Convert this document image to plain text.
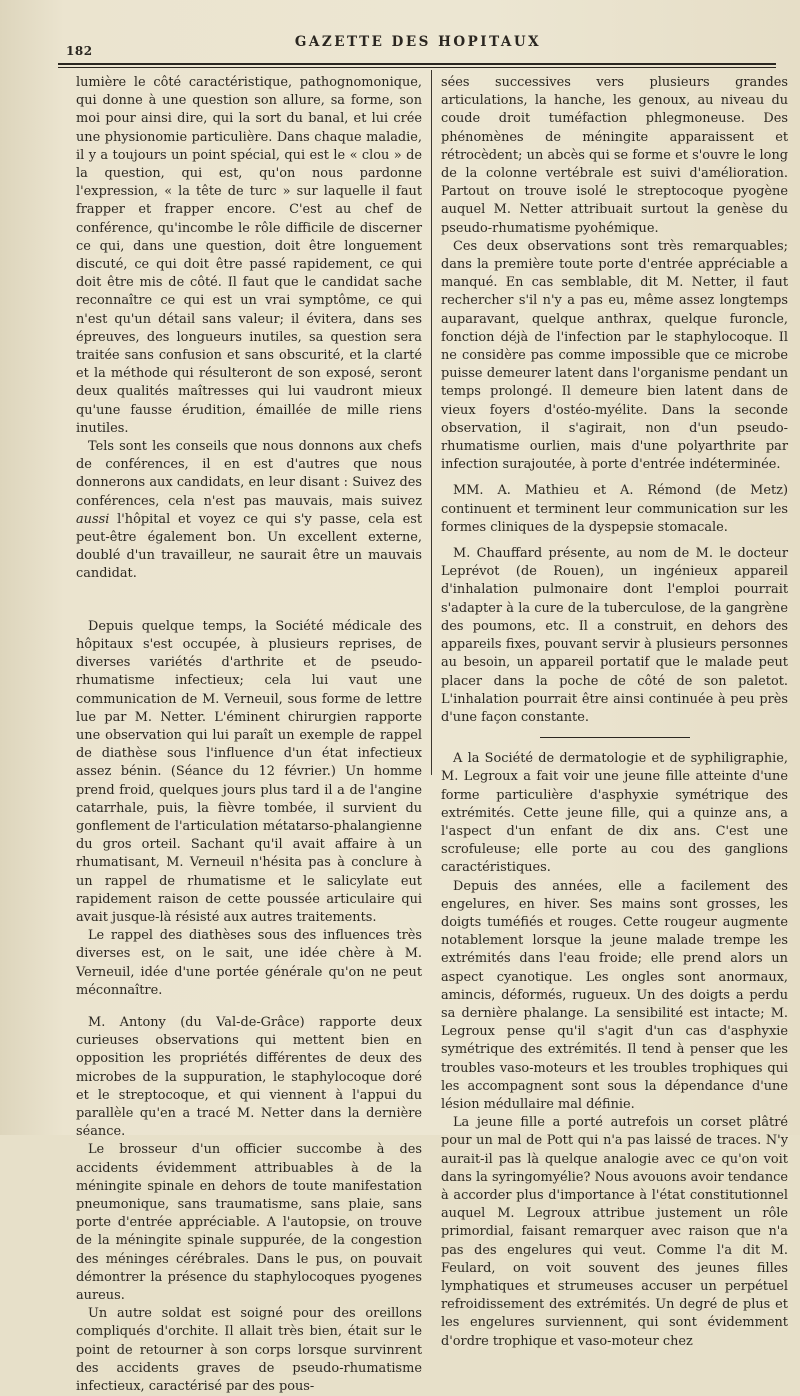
182
GAZETTE DES HOPITAUX

lumière le côté caractéristique, pathognomonique, qui donne à une question son allure, sa forme, son moi pour ainsi dire, qui la sort du banal, et lui crée une physionomie particulière. Dans chaque maladie, il y a toujours un point spécial, qui est le « clou » de la question, qui est, qu'on nous pardonne l'expression, « la tête de turc » sur laquelle il faut frapper et frapper encore. C'est au chef de conférence, qu'incombe le rôle difficile de discerner ce qui, dans une question, doit être longuement discuté, ce qui doit être passé rapidement, ce qui doit être mis de côté. Il faut que le candidat sache reconnaître ce qui est un vrai symptôme, ce qui n'est qu'un détail sans valeur; il évitera, dans ses épreuves, des longueurs inutiles, sa question sera traitée sans confusion et sans obscurité, et la clarté et la méthode qui résulteront de son exposé, seront deux qualités maîtresses qui lui vaudront mieux qu'une fausse érudition, émaillée de mille riens inutiles.

Tels sont les conseils que nous donnons aux chefs de conférences, il en est d'autres que nous donnerons aux candidats, en leur disant : Suivez des conférences, cela n'est pas mauvais, mais suivez aussi l'hôpital et voyez ce qui s'y passe, cela est peut-être également bon. Un excellent externe, doublé d'un travailleur, ne saurait être un mauvais candidat.

Depuis quelque temps, la Société médicale des hôpitaux s'est occupée, à plusieurs reprises, de diverses variétés d'arthrite et de pseudo-rhumatisme infectieux; cela lui vaut une communication de M. Verneuil, sous forme de lettre lue par M. Netter. L'éminent chirurgien rapporte une observation qui lui paraît un exemple de rappel de diathèse sous l'influence d'un état infectieux assez bénin. (Séance du 12 février.) Un homme prend froid, quelques jours plus tard il a de l'angine catarrhale, puis, la fièvre tombée, il survient du gonflement de l'articulation métatarso-phalangienne du gros orteil. Sachant qu'il avait affaire à un rhumatisant, M. Verneuil n'hésita pas à conclure à un rappel de rhumatisme et le salicylate eut rapidement raison de cette poussée articulaire qui avait jusque-là résisté aux autres traitements.

Le rappel des diathèses sous des influences très diverses est, on le sait, une idée chère à M. Verneuil, idée d'une portée générale qu'on ne peut méconnaître.

M. Antony (du Val-de-Grâce) rapporte deux curieuses observations qui mettent bien en opposition les propriétés différentes de deux des microbes de la suppuration, le staphylocoque doré et le streptocoque, et qui viennent à l'appui du parallèle qu'en a tracé M. Netter dans la dernière séance.

Le brosseur d'un officier succombe à des accidents évidemment attribuables à de la méningite spinale en dehors de toute manifestation pneumonique, sans traumatisme, sans plaie, sans porte d'entrée appréciable. A l'autopsie, on trouve de la méningite spinale suppurée, de la congestion des méninges cérébrales. Dans le pus, on pouvait démontrer la présence du staphylocoques pyogenes aureus.

Un autre soldat est soigné pour des oreillons compliqués d'orchite. Il allait très bien, était sur le point de retourner à son corps lorsque survinrent des accidents graves de pseudo-rhumatisme infectieux, caractérisé par des pous-

sées successives vers plusieurs grandes articulations, la hanche, les genoux, au niveau du coude droit tuméfaction phlegmoneuse. Des phénomènes de méningite apparaissent et rétrocèdent; un abcès qui se forme et s'ouvre le long de la colonne vertébrale est suivi d'amélioration. Partout on trouve isolé le streptocoque pyogène auquel M. Netter attribuait surtout la genèse du pseudo-rhumatisme pyohémique.

Ces deux observations sont très remarquables; dans la première toute porte d'entrée appréciable a manqué. En cas semblable, dit M. Netter, il faut rechercher s'il n'y a pas eu, même assez longtemps auparavant, quelque anthrax, quelque furoncle, fonction déjà de l'infection par le staphylocoque. Il ne considère pas comme impossible que ce microbe puisse demeurer latent dans l'organisme pendant un temps prolongé. Il demeure bien latent dans de vieux foyers d'ostéo-myélite. Dans la seconde observation, il s'agirait, non d'un pseudo-rhumatisme ourlien, mais d'une polyarthrite par infection surajoutée, à porte d'entrée indéterminée.

MM. A. Mathieu et A. Rémond (de Metz) continuent et terminent leur communication sur les formes cliniques de la dyspepsie stomacale.

M. Chauffard présente, au nom de M. le docteur Leprévot (de Rouen), un ingénieux appareil d'inhalation pulmonaire dont l'emploi pourrait s'adapter à la cure de la tuberculose, de la gangrène des poumons, etc. Il a construit, en dehors des appareils fixes, pouvant servir à plusieurs personnes au besoin, un appareil portatif que le malade peut placer dans la poche de côté de son paletot. L'inhalation pourrait être ainsi continuée à peu près d'une façon constante.

A la Société de dermatologie et de syphiligraphie, M. Legroux a fait voir une jeune fille atteinte d'une forme particulière d'asphyxie symétrique des extrémités. Cette jeune fille, qui a quinze ans, a l'aspect d'un enfant de dix ans. C'est une scrofuleuse; elle porte au cou des ganglions caractéristiques.

Depuis des années, elle a facilement des engelures, en hiver. Ses mains sont grosses, les doigts tuméfiés et rouges. Cette rougeur augmente notablement lorsque la jeune malade trempe les extrémités dans l'eau froide; elle prend alors un aspect cyanotique. Les ongles sont anormaux, amincis, déformés, rugueux. Un des doigts a perdu sa dernière phalange. La sensibilité est intacte; M. Legroux pense qu'il s'agit d'un cas d'asphyxie symétrique des extrémités. Il tend à penser que les troubles vaso-moteurs et les troubles trophiques qui les accompagnent sont sous la dépendance d'une lésion médullaire mal définie.

La jeune fille a porté autrefois un corset plâtré pour un mal de Pott qui n'a pas laissé de traces. N'y aurait-il pas là quelque analogie avec ce qu'on voit dans la syringomyélie? Nous avouons avoir tendance à accorder plus d'importance à l'état constitutionnel auquel M. Legroux attribue justement un rôle primordial, faisant remarquer avec raison que n'a pas des engelures qui veut. Comme l'a dit M. Feulard, on voit souvent des jeunes filles lymphatiques et strumeuses accuser un perpétuel refroidissement des extrémités. Un degré de plus et les engelures surviennent, qui sont évidemment d'ordre trophique et vaso-moteur chez
